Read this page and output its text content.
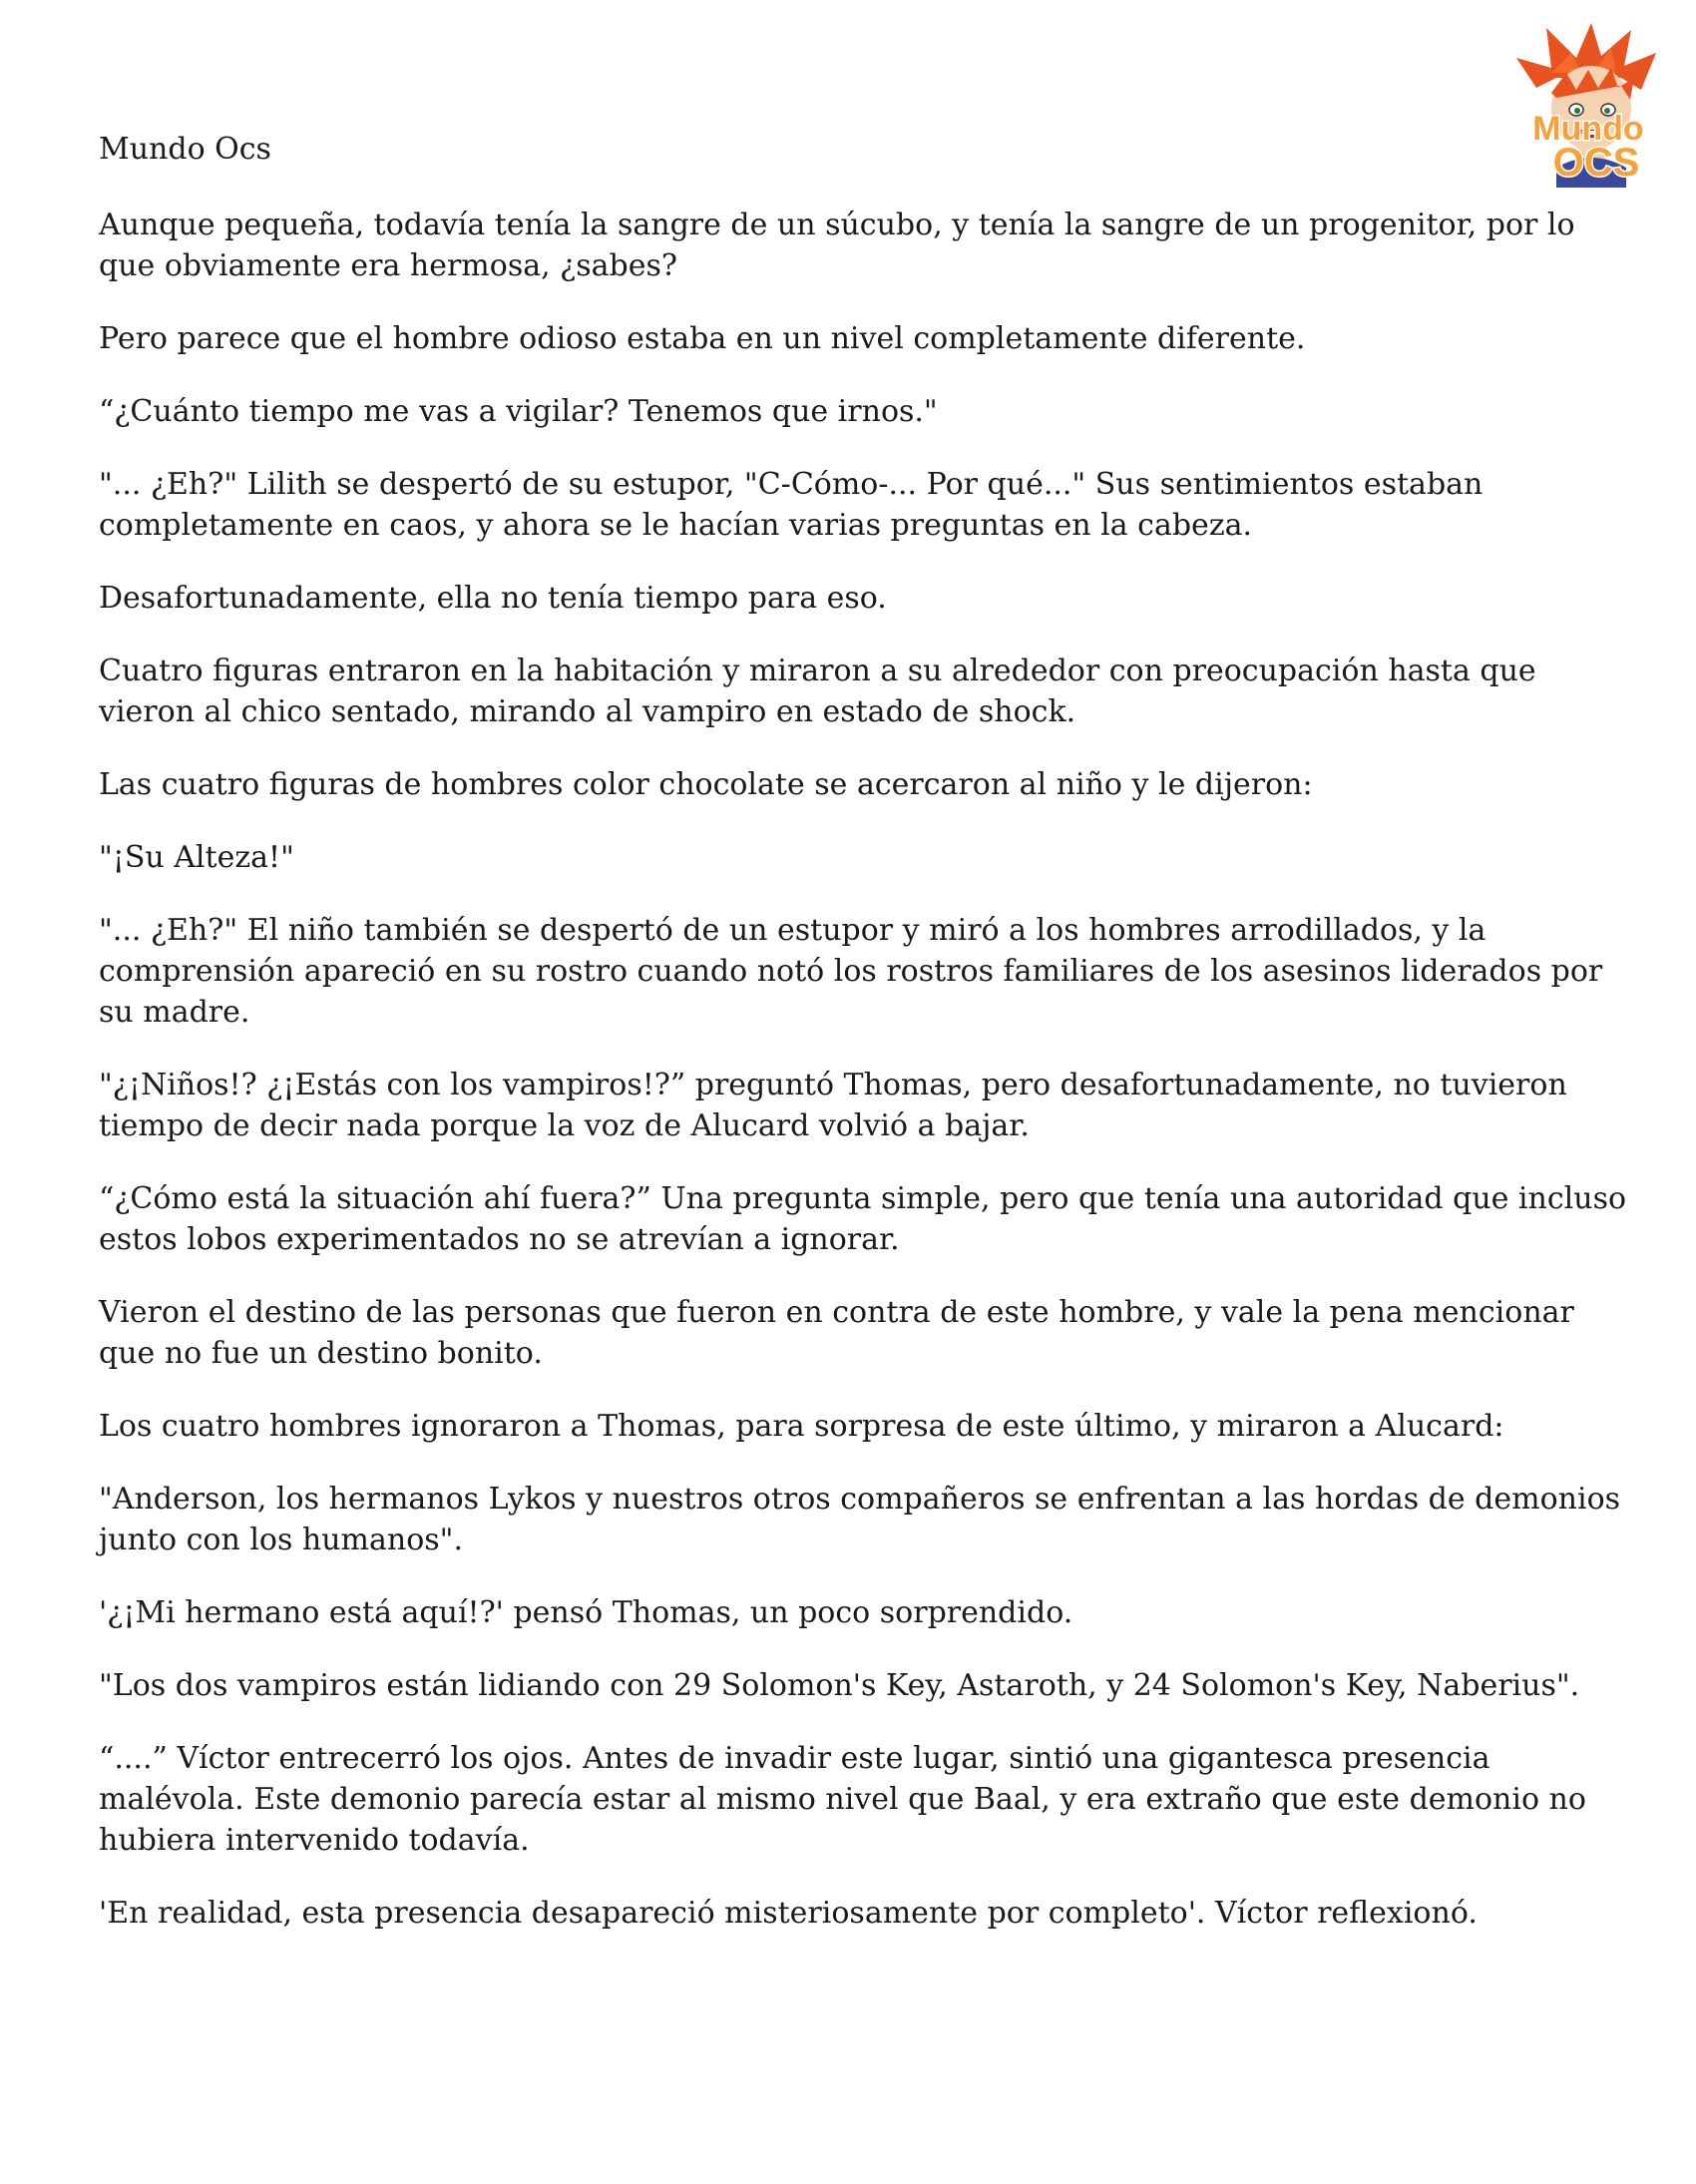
Mundo
OCS

Mundo Ocs

Aunque pequeña, todavía tenía la sangre de un súcubo, y tenía la sangre de un progenitor, por lo que obviamente era hermosa, ¿sabes?

Pero parece que el hombre odioso estaba en un nivel completamente diferente.

“¿Cuánto tiempo me vas a vigilar? Tenemos que irnos."

"... ¿Eh?" Lilith se despertó de su estupor, "C-Cómo-... Por qué..." Sus sentimientos estaban completamente en caos, y ahora se le hacían varias preguntas en la cabeza.

Desafortunadamente, ella no tenía tiempo para eso.

Cuatro figuras entraron en la habitación y miraron a su alrededor con preocupación hasta que vieron al chico sentado, mirando al vampiro en estado de shock.

Las cuatro figuras de hombres color chocolate se acercaron al niño y le dijeron:

"¡Su Alteza!"

"... ¿Eh?" El niño también se despertó de un estupor y miró a los hombres arrodillados, y la comprensión apareció en su rostro cuando notó los rostros familiares de los asesinos liderados por su madre.

"¿¡Niños!? ¿¡Estás con los vampiros!?” preguntó Thomas, pero desafortunadamente, no tuvieron tiempo de decir nada porque la voz de Alucard volvió a bajar.

“¿Cómo está la situación ahí fuera?” Una pregunta simple, pero que tenía una autoridad que incluso estos lobos experimentados no se atrevían a ignorar.

Vieron el destino de las personas que fueron en contra de este hombre, y vale la pena mencionar que no fue un destino bonito.

Los cuatro hombres ignoraron a Thomas, para sorpresa de este último, y miraron a Alucard:

"Anderson, los hermanos Lykos y nuestros otros compañeros se enfrentan a las hordas de demonios junto con los humanos".

'¿¡Mi hermano está aquí!?' pensó Thomas, un poco sorprendido.

"Los dos vampiros están lidiando con 29 Solomon's Key, Astaroth, y 24 Solomon's Key, Naberius".

“....” Víctor entrecerró los ojos. Antes de invadir este lugar, sintió una gigantesca presencia malévola. Este demonio parecía estar al mismo nivel que Baal, y era extraño que este demonio no hubiera intervenido todavía.

'En realidad, esta presencia desapareció misteriosamente por completo'. Víctor reflexionó.
